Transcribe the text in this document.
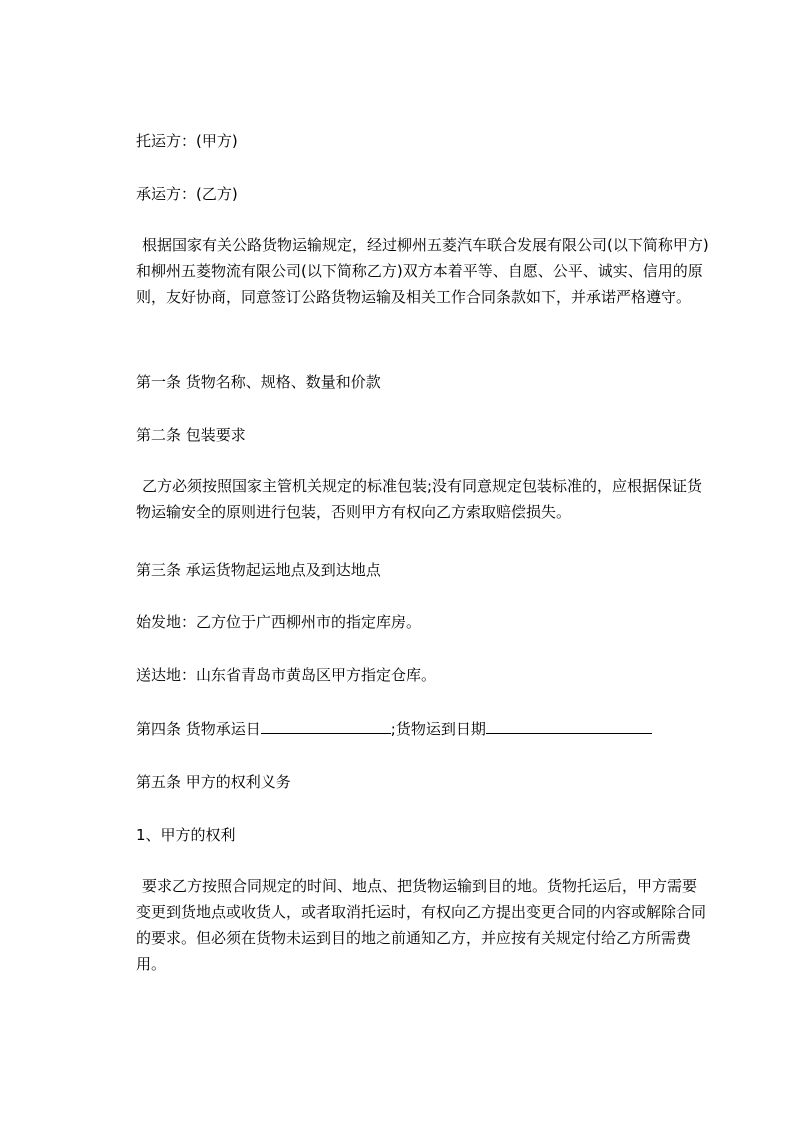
托运方：(甲方)
承运方：(乙方)
根据国家有关公路货物运输规定，经过柳州五菱汽车联合发展有限公司(以下简称甲方)和柳州五菱物流有限公司(以下简称乙方)双方本着平等、自愿、公平、诚实、信用的原则，友好协商，同意签订公路货物运输及相关工作合同条款如下，并承诺严格遵守。
第一条 货物名称、规格、数量和价款
第二条 包装要求
乙方必须按照国家主管机关规定的标准包装;没有同意规定包装标准的，应根据保证货物运输安全的原则进行包装，否则甲方有权向乙方索取赔偿损失。
第三条 承运货物起运地点及到达地点
始发地：乙方位于广西柳州市的指定库房。
送达地：山东省青岛市黄岛区甲方指定仓库。
第四条 货物承运日	;货物运到日期
第五条 甲方的权利义务
1、甲方的权利
要求乙方按照合同规定的时间、地点、把货物运输到目的地。货物托运后，甲方需要变更到货地点或收货人，或者取消托运时，有权向乙方提出变更合同的内容或解除合同的要求。但必须在货物未运到目的地之前通知乙方，并应按有关规定付给乙方所需费用。
